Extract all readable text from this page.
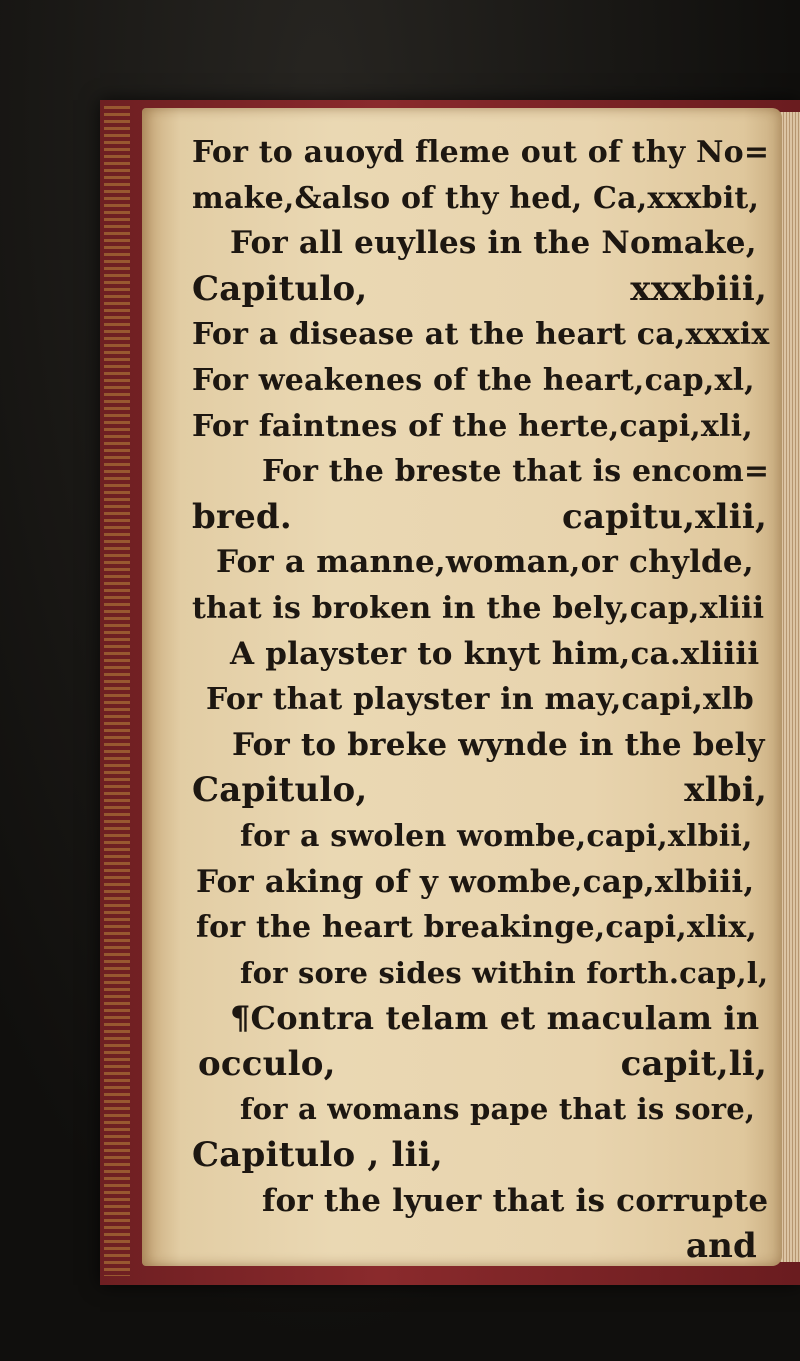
For to auoyd fleme out of thy No=
make,&also of thy hed, Ca,xxxbit,
For all euylles in the Nomake,
Capitulo,	xxxbiii,
For a disease at the heart ca,xxxix
For weakenes of the heart,cap,xl,
For faintnes of the herte,capi,xli,
For the breste that is encom=
bred.	capitu,xlii,
For a manne,woman,or chylde,
that is broken in the bely,cap,xliii
A playster to knyt him,ca.xliiii
For that playster in may,capi,xlb
For to breke wynde in the bely
Capitulo,	xlbi,
for a swolen wombe,capi,xlbii,
For aking of y wombe,cap,xlbiii,
for the heart breakinge,capi,xlix,
for sore sides within forth.cap,l,
¶Contra telam et maculam in
occulo,	capit,li,
for a womans pape that is sore,
Capitulo , lii,
for the lyuer that is corrupte
and
